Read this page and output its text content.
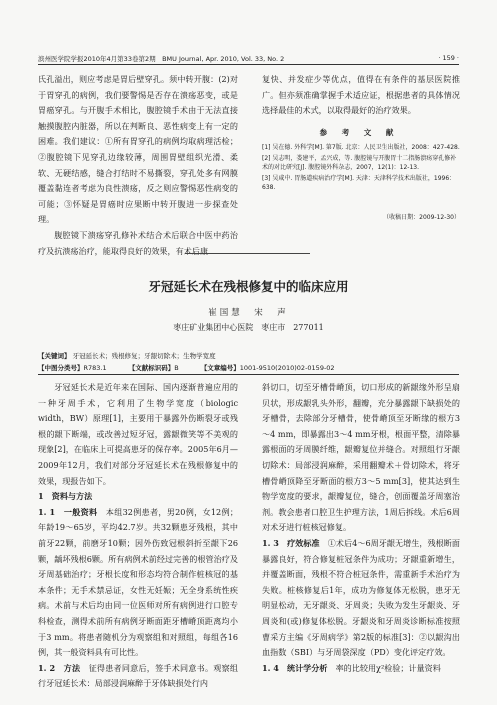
滨州医学院学报2010年4月第33卷第2期　BMU Journal, Apr. 2010, Vol. 33, No. 2	· 159 ·

氏孔溢出，则应考虑是胃后壁穿孔。须中转开腹：(2)对于胃穿孔的病例，我们要警惕是否存在溃疡恶变，或是胃癌穿孔。与开腹手术相比，腹腔镜手术由于无法直接触摸腹腔内脏器，所以在判断良、恶性病变上有一定的困难。我们建议：①所有胃穿孔的病例均取病理活检；②腹腔镜下见穿孔边缘较薄，周围胃壁组织光滑、柔软、无硬结感，缝合打结时不易撕裂，穿孔处多有网膜覆盖黏连者考虑为良性溃疡，反之则应警惕恶性病变的可能；③怀疑是胃癌时应果断中转开腹进一步探查处理。

腹腔镜下溃疡穿孔修补术结合术后联合中医中药治疗及抗溃疡治疗，能取得良好的效果，有术后康

复快、并发症少等优点，值得在有条件的基层医院推广。但亦须准确掌握手术适应证，根据患者的具体情况选择最佳的术式，以取得最好的治疗效果。

参 考 文 献
[1] 吴在德. 外科学[M]. 第7版. 北京：人民卫生出版社，2008：427-428.
[2] 吴志明，娄建平，孟兴成，等. 腹腔镜与开腹胃十二指肠溃疡穿孔修补术的对比研究[J]. 腹腔镜外科杂志，2007，12(1)：12-13.
[3] 吴咸中. 胃肠道疾病治疗学[M]. 天津：天津科学技术出版社，1996：638.
（收稿日期：2009-12-30）
牙冠延长术在残根修复中的临床应用
崔国慧　宋　声
枣庄矿业集团中心医院　枣庄市　277011
【关键词】 牙冠延长术；残根修复；牙龈切除术；生物学宽度
【中图分类号】R783.1	【文献标识码】B	【文章编号】1001-9510(2010)02-0159-02

牙冠延长术是近年来在国际、国内逐渐普遍应用的一种牙周手术，它利用了生物学宽度（biologic width，BW）原理[1]，主要用于暴露外伤断裂牙或残根的龈下断端，或改善过短牙冠，露龈微笑等不美观的现象[2]，在临床上可提高患牙的保存率。2005年6月—2009年12月，我们对部分牙冠延长术在残根修复中的效果，现报告如下。

1　资料与方法

1. 1　一般资料　 本组32例患者，男20例，女12例；年龄19～65岁，平均42.7岁。共32颗患牙残根，其中前牙22颗，前磨牙10颗；因外伤致冠根斜折至龈下26颗，龋坏残根6颗。所有病例术前经过完善的根管治疗及牙周基础治疗；牙根长度和形态均符合制作桩核冠的基本条件；无手术禁忌证，女性无妊娠；无全身系统性疾病。术前与术后均由同一位医师对所有病例进行口腔专科检查，测得术前所有病例牙断面距牙槽嵴顶距离均小于3 mm。将患者随机分为观察组和对照组，每组各16例，其一般资料具有可比性。

1. 2　方法　 征得患者同意后，签手术同意书。观察组行牙冠延长术：局部浸润麻醉于牙体缺损处行内

斜切口，切至牙槽骨嵴顶，切口形成的新龈缘外形呈扇贝状，形成龈乳头外形，翻瓣，充分暴露龈下缺损处的牙槽骨，去除部分牙槽骨，使骨嵴顶至牙断缘的根方3～4 mm，即暴露出3～4 mm牙根，根面平整，清除暴露根面的牙周膜纤维，龈瓣复位并缝合。对照组行牙龈切除术：局部浸润麻醉，采用翻瓣术＋骨切除术，将牙槽骨嵴顶降至牙断面的根方3～5 mm[3]，使其达到生物学宽度的要求，龈瓣复位，缝合，创面覆盖牙周塞治剂。教会患者口腔卫生护理方法，1周后拆线。术后6周对术牙进行桩核冠修复。

1. 3　疗效标准　 ①术后4～6周牙龈无增生，残根断面暴露良好，符合修复桩冠条件为成功；牙龈重新增生，并覆盖断面，残根不符合桩冠条件，需重新手术治疗为失败。桩核修复后1年，成功为修复体无松脱，患牙无明显松动，无牙龈炎、牙周炎；失败为发生牙龈炎、牙周炎和(或)修复体松脱。牙龈炎和牙周炎诊断标准按照曹采方主编《牙周病学》第2版的标准[3]：②以龈沟出血指数（SBI）与牙周袋深度（PD）变化评定疗效。

1. 4　统计学分析　 率的比较用χ²检验；计量资料
